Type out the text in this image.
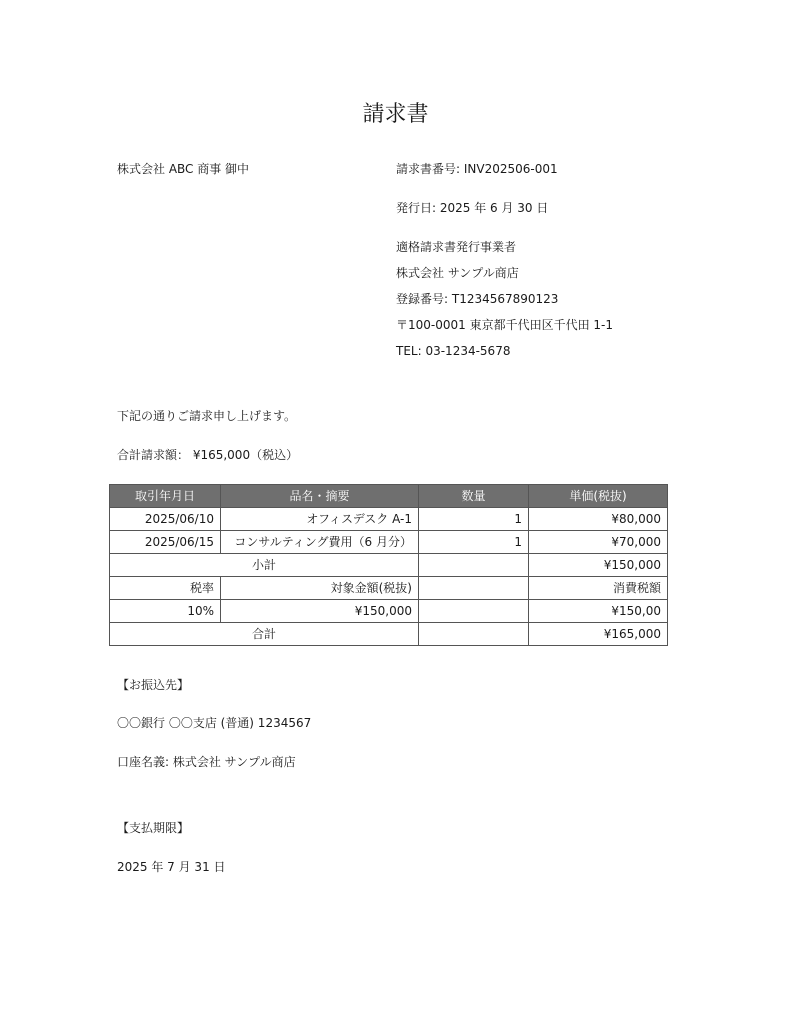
請求書
株式会社 ABC 商事 御中	請求書番号: INV202506-001
発行日: 2025 年 6 月 30 日
適格請求書発行事業者
株式会社 サンプル商店
登録番号: T1234567890123
〒100-0001 東京都千代田区千代田 1-1
TEL: 03-1234-5678
下記の通りご請求申し上げます。
合計請求額： ¥165,000（税込）
取引年月日	品名・摘要	数量	単価(税抜)
2025/06/10	オフィスデスク A-1	1	¥80,000
2025/06/15	コンサルティング費用（6 月分）	1	¥70,000
小計			¥150,000
税率	対象金額(税抜)		消費税額
10%	¥150,000		¥150,00
合計			¥165,000
【お振込先】
〇〇銀行 〇〇支店 (普通) 1234567
口座名義: 株式会社 サンプル商店
【支払期限】
2025 年 7 月 31 日
